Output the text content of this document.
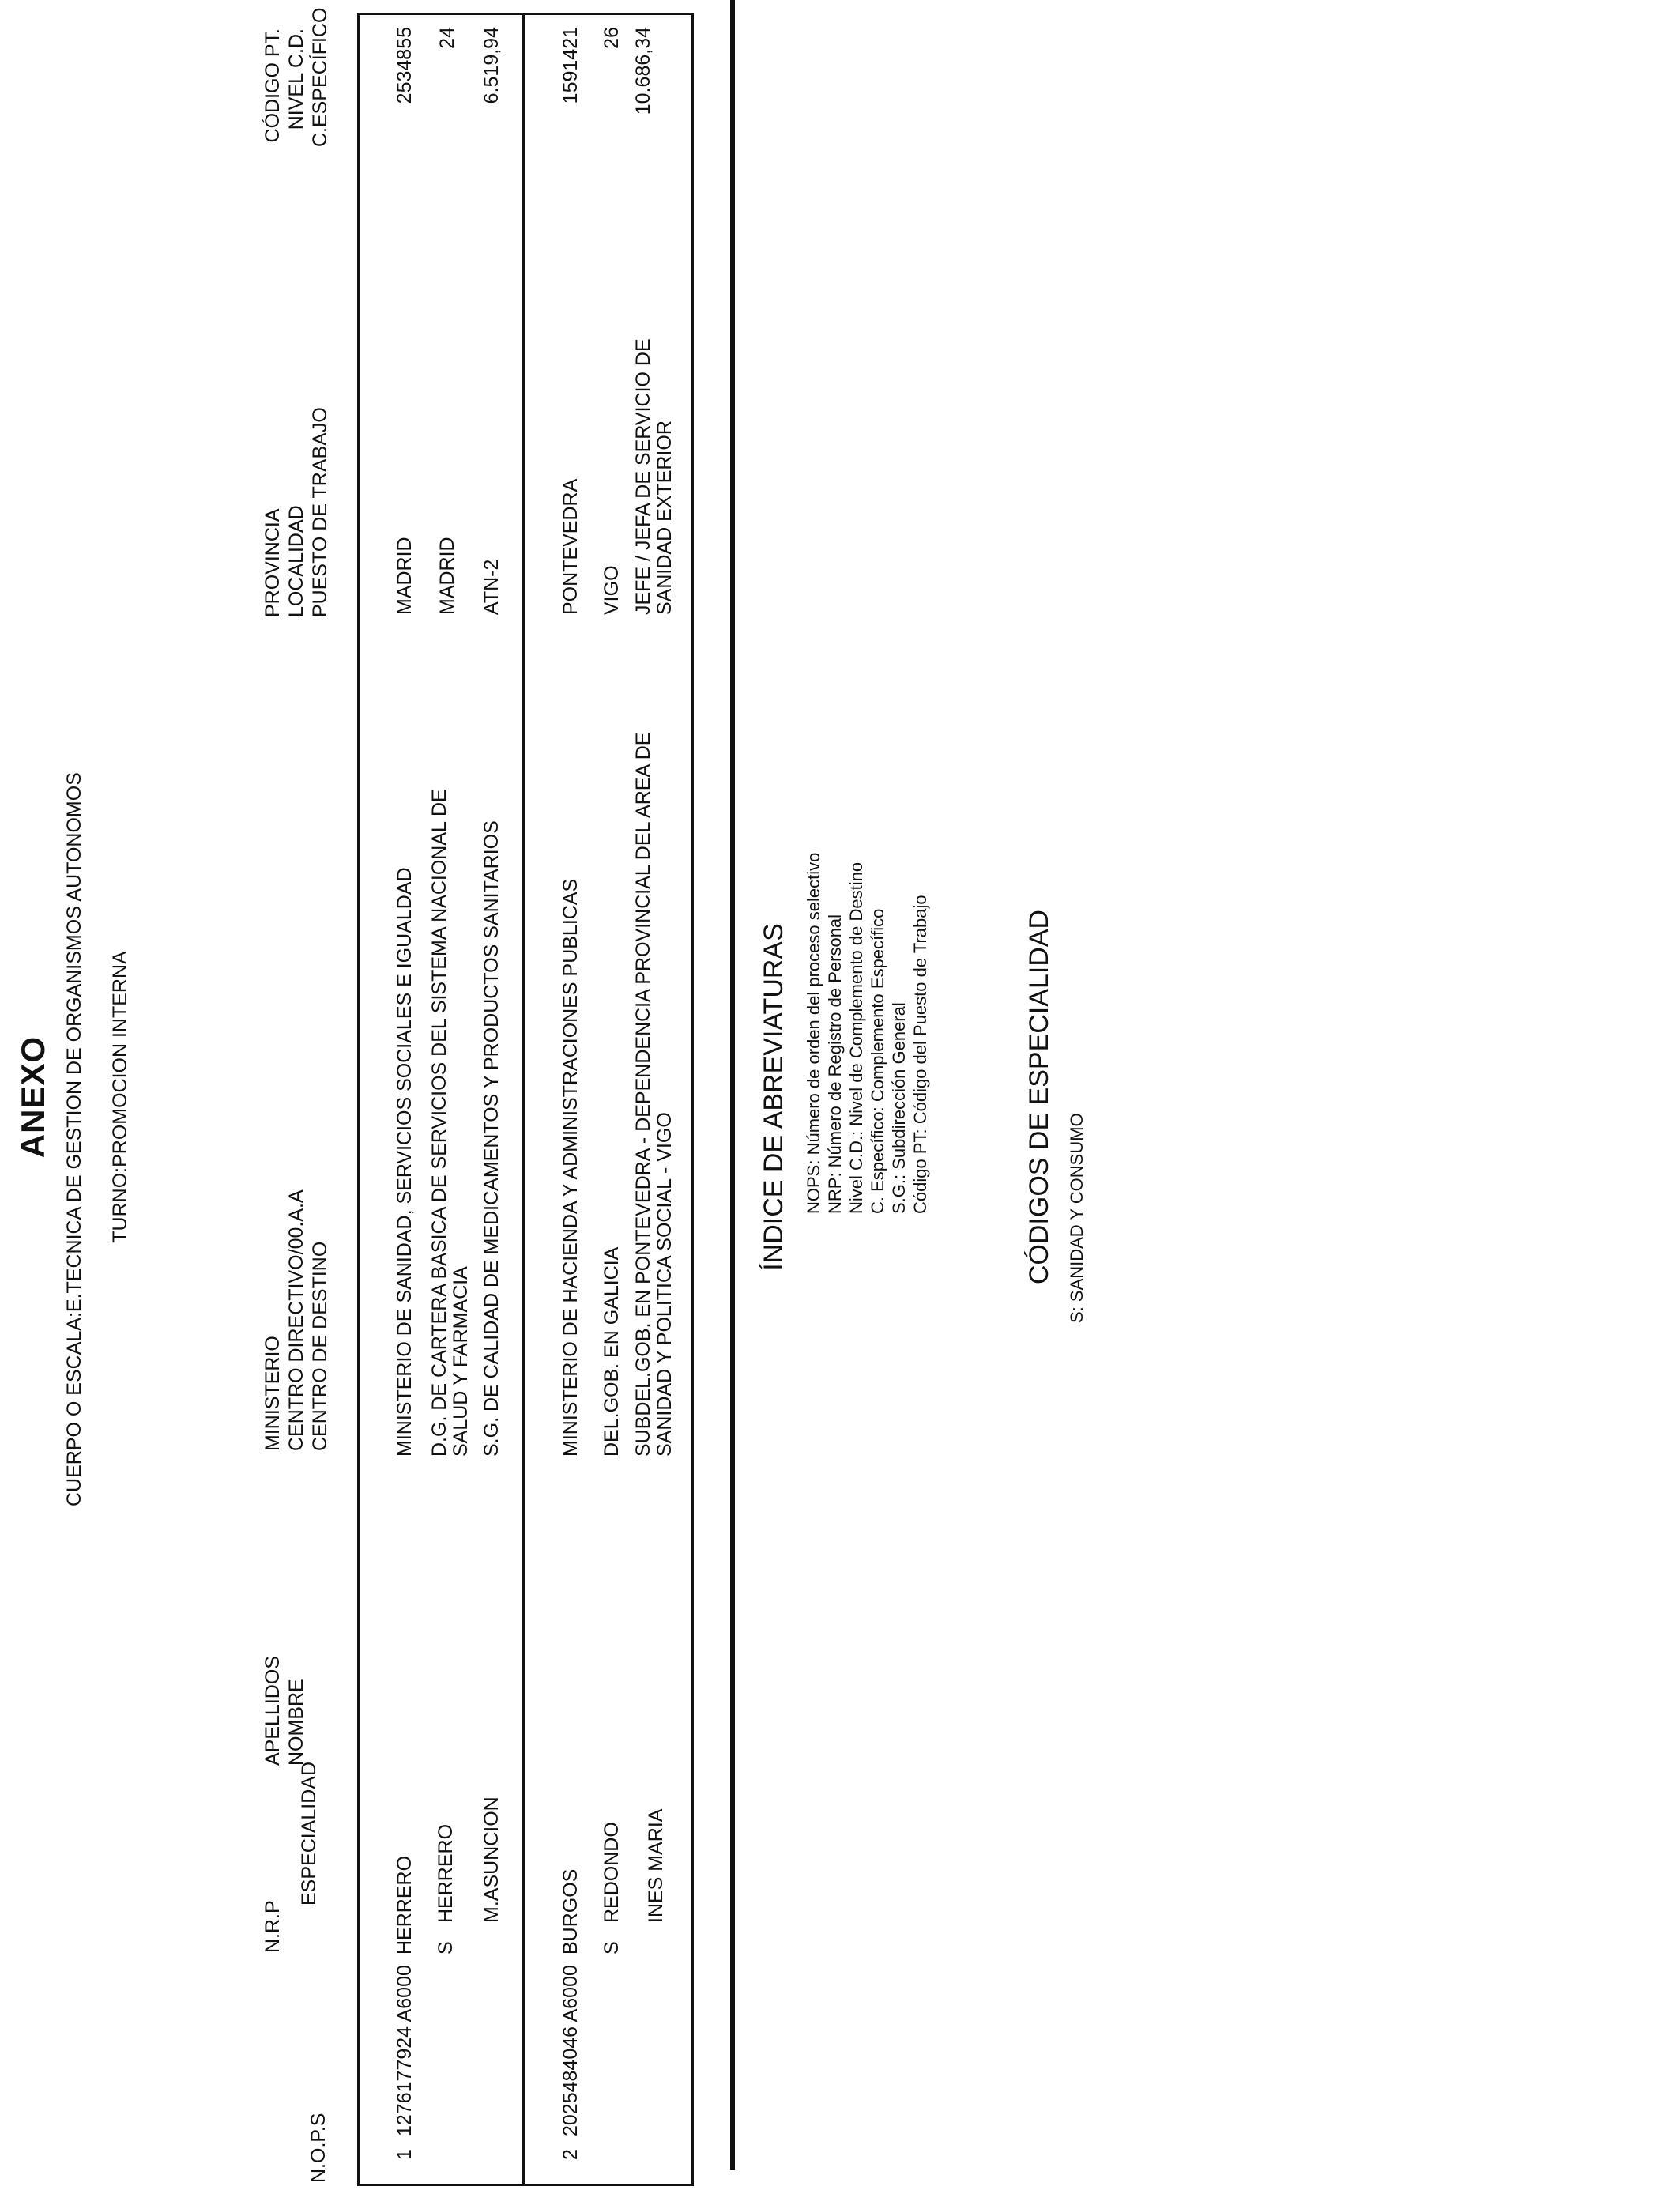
ANEXO CUERPO O ESCALA:E.TECNICA DE GESTION DE ORGANISMOS AUTONOMOS TURNO:PROMOCION INTERNA
N.O.P.S
N.R.P
ESPECIALIDAD
APELLIDOS NOMBRE
MINISTERIO CENTRO DIRECTIVO/00.A.A CENTRO DE DESTINO
PROVINCIA LOCALIDAD PUESTO DE TRABAJO
CÓDIGO PT. NIVEL C.D. C.ESPECÍFICO
1
1276177924 A6000
S
HERRERO HERRERO M.ASUNCION
MINISTERIO DE SANIDAD, SERVICIOS SOCIALES E IGUALDAD D.G. DE CARTERA BASICA DE SERVICIOS DEL SISTEMA NACIONAL DE SALUD Y FARMACIA S.G. DE CALIDAD DE MEDICAMENTOS Y PRODUCTOS SANITARIOS
MADRID MADRID ATN-2
2534855 24 6.519,94
2
2025484046 A6000
S
BURGOS REDONDO INES MARIA
MINISTERIO DE HACIENDA Y ADMINISTRACIONES PUBLICAS DEL.GOB. EN GALICIA SUBDEL.GOB. EN PONTEVEDRA - DEPENDENCIA PROVINCIAL DEL AREA DE SANIDAD Y POLITICA SOCIAL - VIGO
PONTEVEDRA VIGO JEFE / JEFA DE SERVICIO DE SANIDAD EXTERIOR
1591421 26 10.686,34
ÍNDICE DE ABREVIATURAS NOPS: Número de orden del proceso selectivo NRP: Número de Registro de Personal Nivel C.D.: Nivel de Complemento de Destino C. Específico: Complemento Específico S.G.: Subdirección General Código PT: Código del Puesto de Trabajo	CÓDIGOS DE ESPECIALIDAD S: SANIDAD Y CONSUMO
